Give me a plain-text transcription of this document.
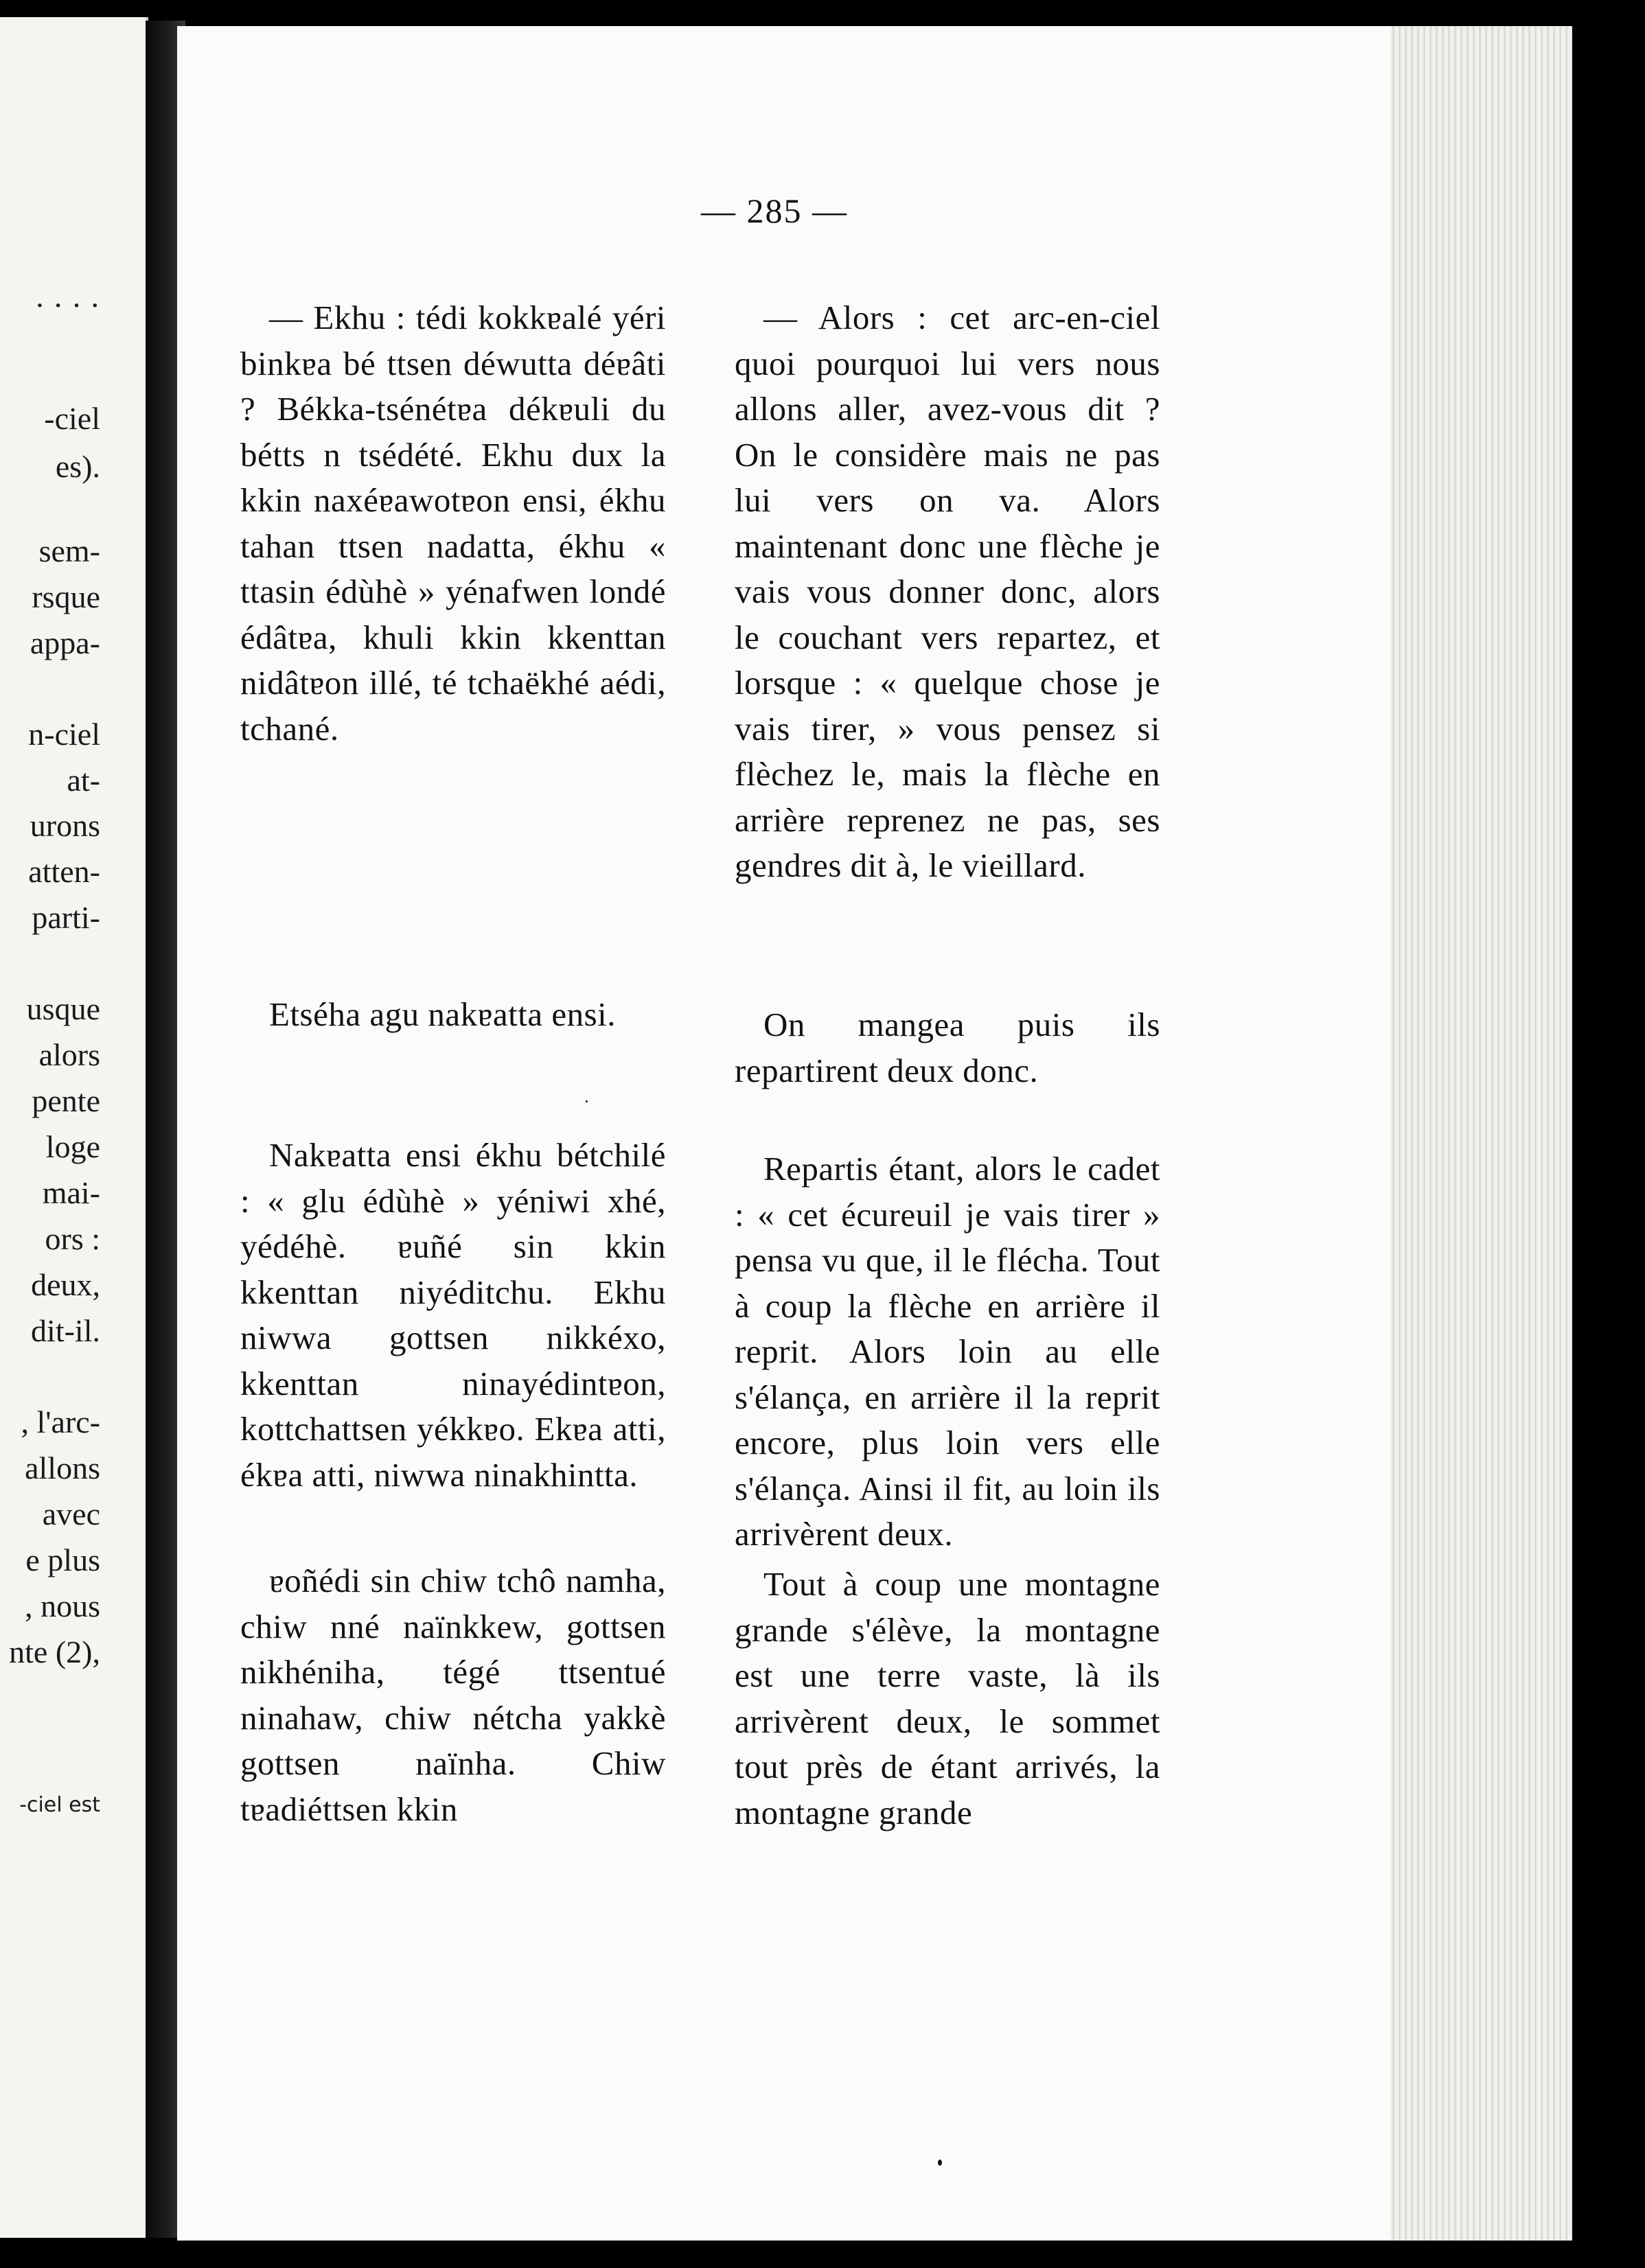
· · · ·

-ciel

es).

sem-

rsque

appa-

n-ciel

at-

urons

atten-

parti-

usque

alors

pente

loge

mai-

ors :

deux,

dit-il.

, l'arc-

allons

avec

e plus

, nous

nte (2),

-ciel est

— 285 —

— Ekhu : tédi kokkɐalé yéri binkɐa bé ttsen déwutta déɐâti ? Békka-tsénétɐa dékɐuli du bétts n tsédété. Ekhu dux la kkin naxéɐawotɐon ensi, ékhu tahan ttsen nadatta, ékhu « ttasin édùhè » yénafwen londé édâtɐa, khuli kkin kkenttan nidâtɐon illé, té tchaëkhé aédi, tchané.

Etséha agu nakɐatta ensi.

Nakɐatta ensi ékhu bétchilé : « glu édùhè » yéniwi xhé, yédéhè. ɐuñé sin kkin kkenttan niyéditchu. Ekhu niwwa gottsen nikkéxo, kkenttan ninayédintɐon, kottchattsen yékkɐo. Ekɐa atti, ékɐa atti, niwwa ninakhintta.

ɐoñédi sin chiw tchô namha, chiw nné naïnkkew, gottsen nikhéniha, tégé ttsentué ninahaw, chiw nétcha yakkè gottsen naïnha. Chiw tɐadiéttsen kkin

— Alors : cet arc-en-ciel quoi pourquoi lui vers nous allons aller, avez-vous dit ? On le considère mais ne pas lui vers on va. Alors maintenant donc une flèche je vais vous donner donc, alors le couchant vers repartez, et lorsque : « quelque chose je vais tirer, » vous pensez si flèchez le, mais la flèche en arrière reprenez ne pas, ses gendres dit à, le vieillard.

On mangea puis ils repartirent deux donc.

Repartis étant, alors le cadet : « cet écureuil je vais tirer » pensa vu que, il le flécha. Tout à coup la flèche en arrière il reprit. Alors loin au elle s'élança, en arrière il la reprit encore, plus loin vers elle s'élança. Ainsi il fit, au loin ils arrivèrent deux.

Tout à coup une montagne grande s'élève, la montagne est une terre vaste, là ils arrivèrent deux, le sommet tout près de étant arrivés, la montagne grande
